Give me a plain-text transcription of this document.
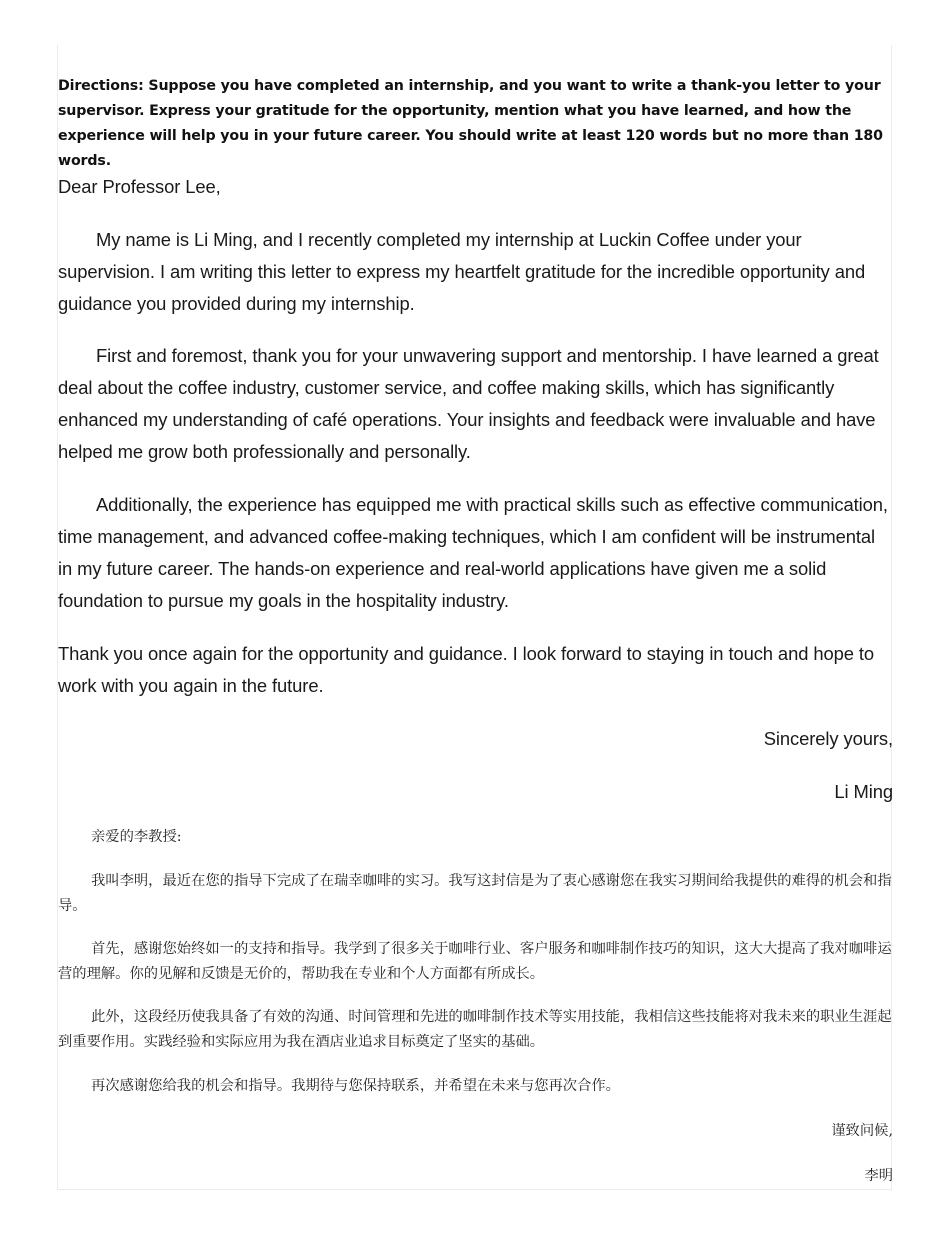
Directions: Suppose you have completed an internship, and you want to write a thank-you letter to your supervisor. Express your gratitude for the opportunity, mention what you have learned, and how the experience will help you in your future career. You should write at least 120 words but no more than 180 words.
Dear Professor Lee,
My name is Li Ming, and I recently completed my internship at Luckin Coffee under your supervision. I am writing this letter to express my heartfelt gratitude for the incredible opportunity and guidance you provided during my internship.
First and foremost, thank you for your unwavering support and mentorship. I have learned a great deal about the coffee industry, customer service, and coffee making skills, which has significantly enhanced my understanding of café operations. Your insights and feedback were invaluable and have helped me grow both professionally and personally.
Additionally, the experience has equipped me with practical skills such as effective communication, time management, and advanced coffee-making techniques, which I am confident will be instrumental in my future career. The hands-on experience and real-world applications have given me a solid foundation to pursue my goals in the hospitality industry.
Thank you once again for the opportunity and guidance. I look forward to staying in touch and hope to work with you again in the future.
Sincerely yours,
Li Ming
亲爱的李教授:
我叫李明，最近在您的指导下完成了在瑞幸咖啡的实习。我写这封信是为了衷心感谢您在我实习期间给我提供的难得的机会和指导。
首先，感谢您始终如一的支持和指导。我学到了很多关于咖啡行业、客户服务和咖啡制作技巧的知识，这大大提高了我对咖啡运营的理解。你的见解和反馈是无价的，帮助我在专业和个人方面都有所成长。
此外，这段经历使我具备了有效的沟通、时间管理和先进的咖啡制作技术等实用技能，我相信这些技能将对我未来的职业生涯起到重要作用。实践经验和实际应用为我在酒店业追求目标奠定了坚实的基础。
再次感谢您给我的机会和指导。我期待与您保持联系，并希望在未来与您再次合作。
谨致问候,
李明
